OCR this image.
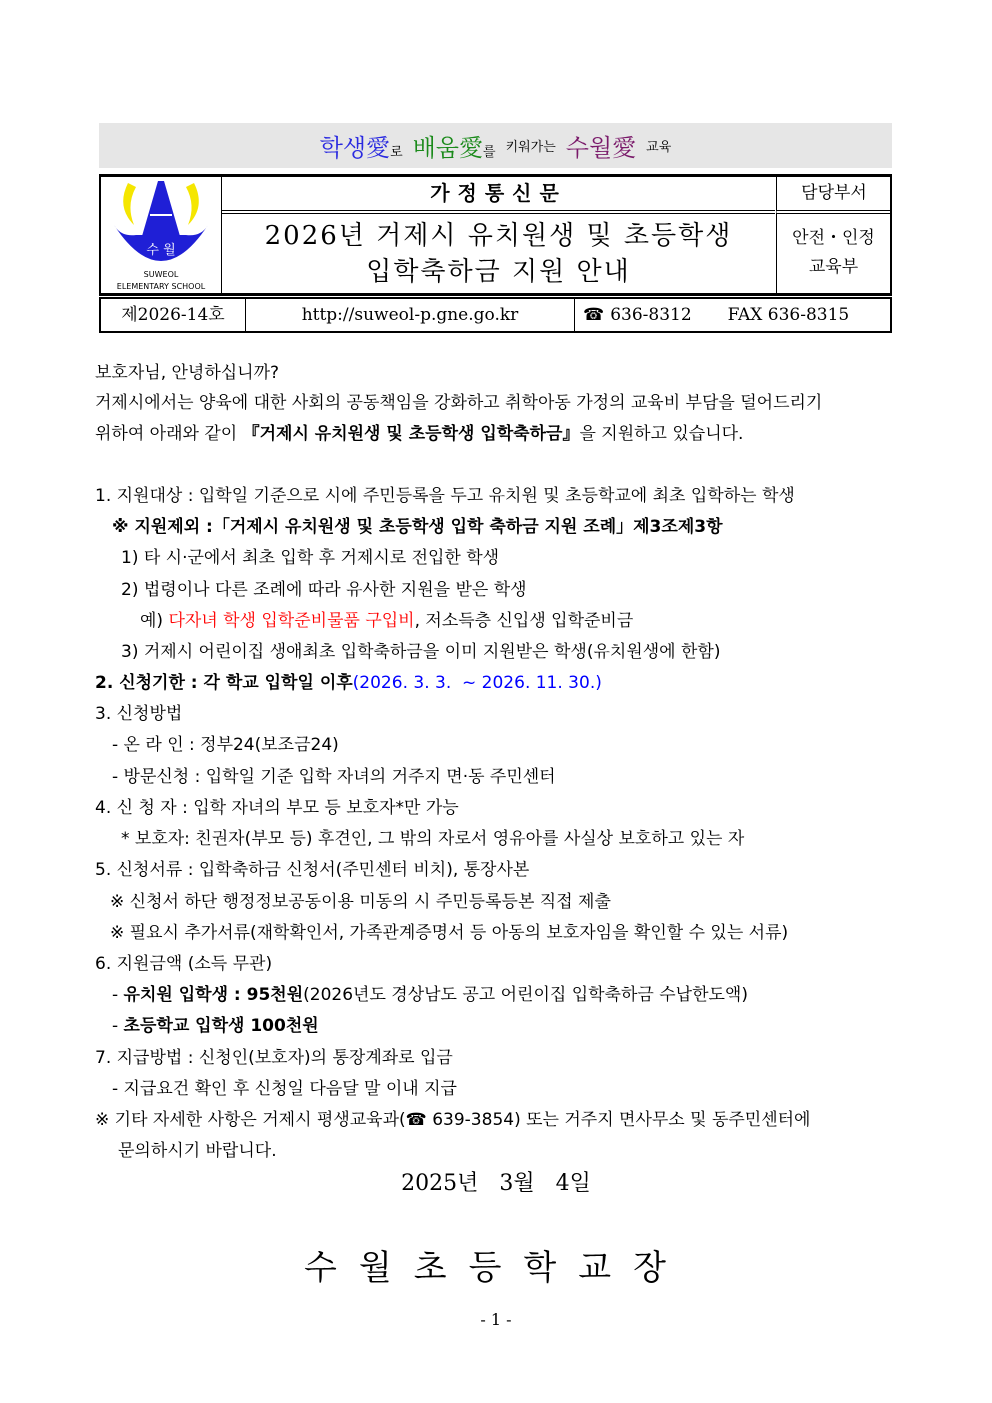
학생愛로 배움愛를 키워가는 수월愛 교육
수 월
SUWEOL
ELEMENTARY SCHOOL
가정통신문
2026년 거제시 유치원생 및 초등학생
입학축하금 지원 안내
담당부서
안전・인정
교육부
제2026-14호	http://suweol-p.gne.go.kr	☎ 636-8312 FAX 636-8315
보호자님, 안녕하십니까?
거제시에서는 양육에 대한 사회의 공동책임을 강화하고 취학아동 가정의 교육비 부담을 덜어드리기
위하여 아래와 같이 『거제시 유치원생 및 초등학생 입학축하금』을 지원하고 있습니다.
1. 지원대상 : 입학일 기준으로 시에 주민등록을 두고 유치원 및 초등학교에 최초 입학하는 학생
※ 지원제외 :「거제시 유치원생 및 초등학생 입학 축하금 지원 조례」제3조제3항
1) 타 시·군에서 최초 입학 후 거제시로 전입한 학생
2) 법령이나 다른 조례에 따라 유사한 지원을 받은 학생
예) 다자녀 학생 입학준비물품 구입비, 저소득층 신입생 입학준비금
3) 거제시 어린이집 생애최초 입학축하금을 이미 지원받은 학생(유치원생에 한함)
2. 신청기한 : 각 학교 입학일 이후(2026. 3. 3.  ~ 2026. 11. 30.)
3. 신청방법
- 온 라 인 : 정부24(보조금24)
- 방문신청 : 입학일 기준 입학 자녀의 거주지 면·동 주민센터
4. 신 청 자 : 입학 자녀의 부모 등 보호자*만 가능
* 보호자: 친권자(부모 등) 후견인, 그 밖의 자로서 영유아를 사실상 보호하고 있는 자
5. 신청서류 : 입학축하금 신청서(주민센터 비치), 통장사본
※ 신청서 하단 행정정보공동이용 미동의 시 주민등록등본 직접 제출
※ 필요시 추가서류(재학확인서, 가족관계증명서 등 아동의 보호자임을 확인할 수 있는 서류)
6. 지원금액 (소득 무관)
- 유치원 입학생 : 95천원(2026년도 경상남도 공고 어린이집 입학축하금 수납한도액)
- 초등학교 입학생 100천원
7. 지급방법 : 신청인(보호자)의 통장계좌로 입금
- 지급요건 확인 후 신청일 다음달 말 이내 지급
※ 기타 자세한 사항은 거제시 평생교육과(☎ 639-3854) 또는 거주지 면사무소 및 동주민센터에
문의하시기 바랍니다.
2025년 3월 4일
수월초등학교장
- 1 -
